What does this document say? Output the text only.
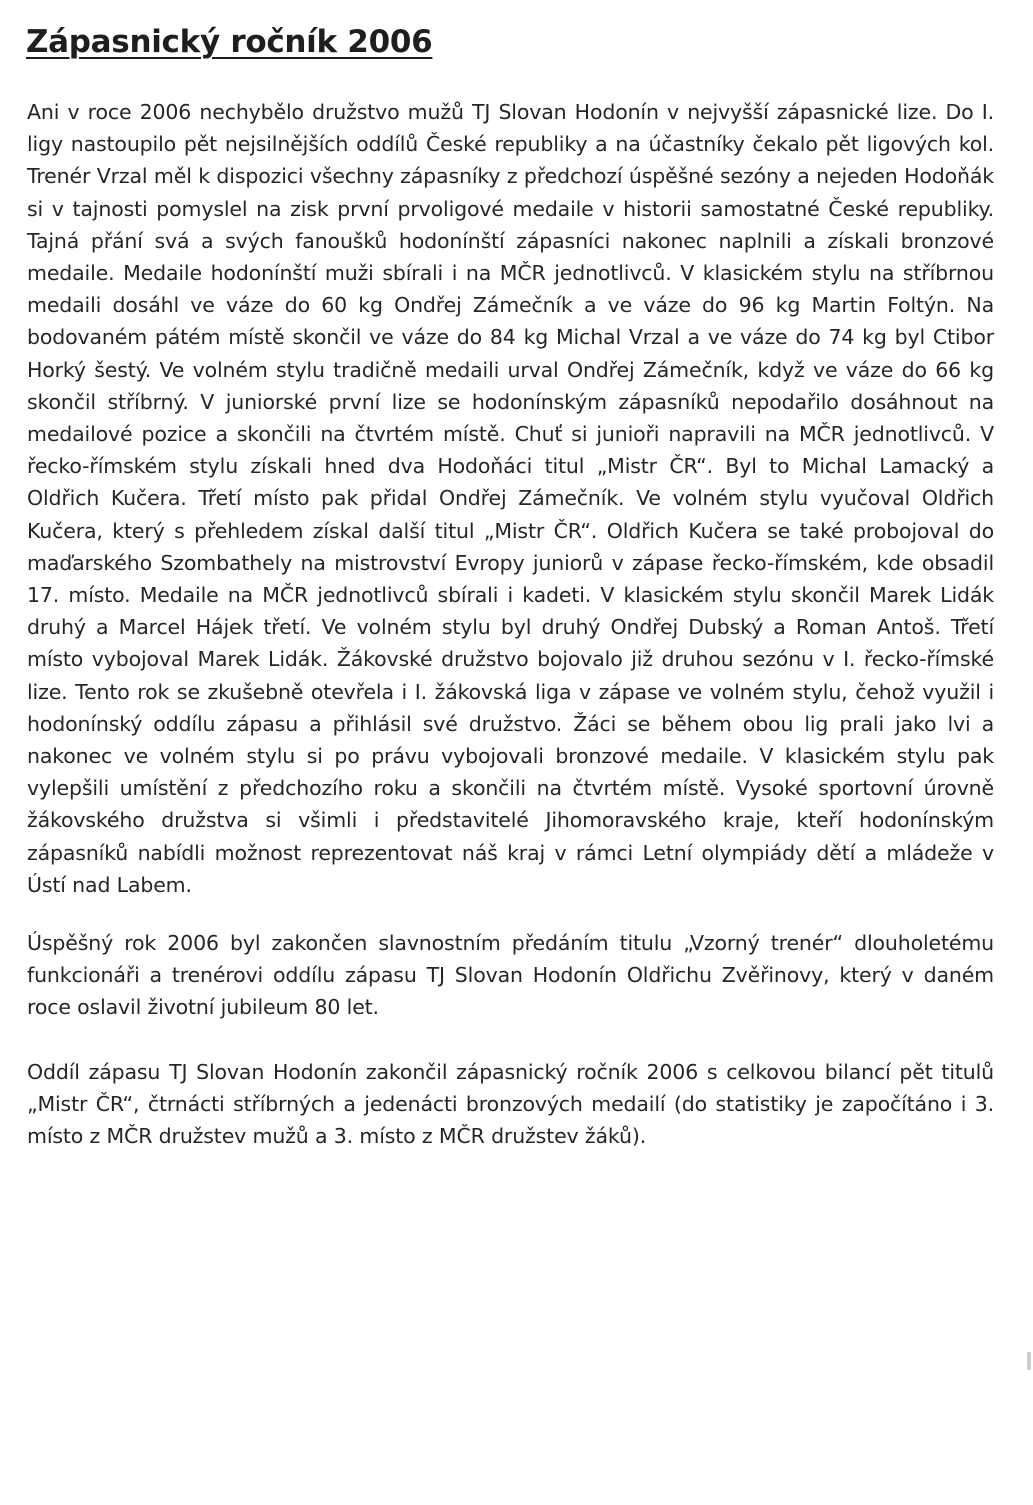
Zápasnický ročník 2006

Ani v roce 2006 nechybělo družstvo mužů TJ Slovan Hodonín v nejvyšší zápasnické lize. Do I. ligy nastoupilo pět nejsilnějších oddílů České republiky a na účastníky čekalo pět ligových kol. Trenér Vrzal měl k dispozici všechny zápasníky z předchozí úspěšné sezóny a nejeden Hodoňák si v tajnosti pomyslel na zisk první prvoligové medaile v historii samostatné České republiky. Tajná přání svá a svých fanoušků hodonínští zápasníci nakonec naplnili a získali bronzové medaile. Medaile hodonínští muži sbírali i na MČR jednotlivců. V klasickém stylu na stříbrnou medaili dosáhl ve váze do 60 kg Ondřej Zámečník a ve váze do 96 kg Martin Foltýn. Na bodovaném pátém místě skončil ve váze do 84 kg Michal Vrzal a ve váze do 74 kg byl Ctibor Horký šestý. Ve volném stylu tradičně medaili urval Ondřej Zámečník, když ve váze do 66 kg skončil stříbrný. V juniorské první lize se hodonínským zápasníků nepodařilo dosáhnout na medailové pozice a skončili na čtvrtém místě. Chuť si junioři napravili na MČR jednotlivců. V řecko-římském stylu získali hned dva Hodoňáci titul „Mistr ČR“. Byl to Michal Lamacký a Oldřich Kučera. Třetí místo pak přidal Ondřej Zámečník. Ve volném stylu vyučoval Oldřich Kučera, který s přehledem získal další titul „Mistr ČR“. Oldřich Kučera se také probojoval do maďarského Szombathely na mistrovství Evropy juniorů v zápase řecko-římském, kde obsadil 17. místo. Medaile na MČR jednotlivců sbírali i kadeti. V klasickém stylu skončil Marek Lidák druhý a Marcel Hájek třetí. Ve volném stylu byl druhý Ondřej Dubský a Roman Antoš. Třetí místo vybojoval Marek Lidák. Žákovské družstvo bojovalo již druhou sezónu v I. řecko-římské lize. Tento rok se zkušebně otevřela i I. žákovská liga v zápase ve volném stylu, čehož využil i hodonínský oddílu zápasu a přihlásil své družstvo. Žáci se během obou lig prali jako lvi a nakonec ve volném stylu si po právu vybojovali bronzové medaile. V klasickém stylu pak vylepšili umístění z předchozího roku a skončili na čtvrtém místě. Vysoké sportovní úrovně žákovského družstva si všimli i představitelé Jihomoravského kraje, kteří hodonínským zápasníků nabídli možnost reprezentovat náš kraj v rámci Letní olympiády dětí a mládeže v Ústí nad Labem.

Úspěšný rok 2006 byl zakončen slavnostním předáním titulu „Vzorný trenér“ dlouholetému funkcionáři a trenérovi oddílu zápasu TJ Slovan Hodonín Oldřichu Zvěřinovy, který v daném roce oslavil životní jubileum 80 let.

Oddíl zápasu TJ Slovan Hodonín zakončil zápasnický ročník 2006 s celkovou bilancí pět titulů „Mistr ČR“, čtrnácti stříbrných a jedenácti bronzových medailí (do statistiky je započítáno i 3. místo z MČR družstev mužů a 3. místo z MČR družstev žáků).
